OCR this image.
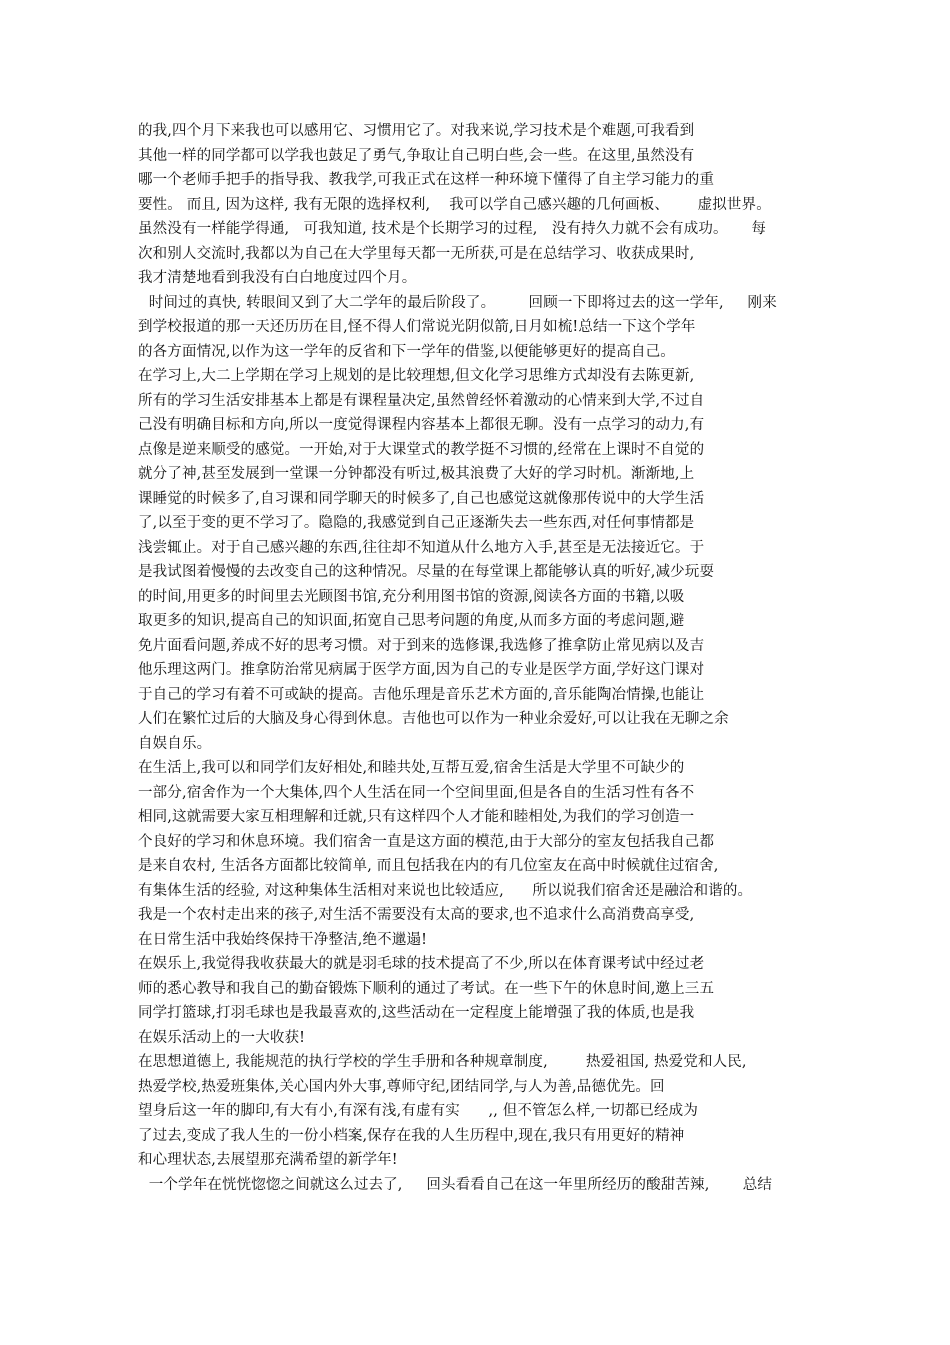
的我,四个月下来我也可以感用它、习惯用它了。对我来说,学习技术是个难题,可我看到
其他一样的同学都可以学我也鼓足了勇气,争取让自己明白些,会一些。在这里,虽然没有
哪一个老师手把手的指导我、教我学,可我正式在这样一种环境下懂得了自主学习能力的重
要性。 而且, 因为这样, 我有无限的选择权利,    我可以学自己感兴趣的几何画板、      虚拟世界。
虽然没有一样能学得通,   可我知道, 技术是个长期学习的过程,   没有持久力就不会有成功。     每
次和别人交流时,我都以为自己在大学里每天都一无所获,可是在总结学习、收获成果时,
我才清楚地看到我没有白白地度过四个月。
时间过的真快, 转眼间又到了大二学年的最后阶段了。       回顾一下即将过去的这一学年,     刚来
到学校报道的那一天还历历在目,怪不得人们常说光阴似箭,日月如梳!总结一下这个学年
的各方面情况,以作为这一学年的反省和下一学年的借鉴,以便能够更好的提高自己。
在学习上,大二上学期在学习上规划的是比较理想,但文化学习思维方式却没有去陈更新,
所有的学习生活安排基本上都是有课程量决定,虽然曾经怀着激动的心情来到大学,不过自
己没有明确目标和方向,所以一度觉得课程内容基本上都很无聊。没有一点学习的动力,有
点像是逆来顺受的感觉。一开始,对于大课堂式的教学挺不习惯的,经常在上课时不自觉的
就分了神,甚至发展到一堂课一分钟都没有听过,极其浪费了大好的学习时机。渐渐地,上
课睡觉的时候多了,自习课和同学聊天的时候多了,自己也感觉这就像那传说中的大学生活
了,以至于变的更不学习了。隐隐的,我感觉到自己正逐渐失去一些东西,对任何事情都是
浅尝辄止。对于自己感兴趣的东西,往往却不知道从什么地方入手,甚至是无法接近它。于
是我试图着慢慢的去改变自己的这种情况。尽量的在每堂课上都能够认真的听好,减少玩耍
的时间,用更多的时间里去光顾图书馆,充分利用图书馆的资源,阅读各方面的书籍,以吸
取更多的知识,提高自己的知识面,拓宽自己思考问题的角度,从而多方面的考虑问题,避
免片面看问题,养成不好的思考习惯。对于到来的选修课,我选修了推拿防止常见病以及吉
他乐理这两门。推拿防治常见病属于医学方面,因为自己的专业是医学方面,学好这门课对
于自己的学习有着不可或缺的提高。吉他乐理是音乐艺术方面的,音乐能陶冶情操,也能让
人们在繁忙过后的大脑及身心得到休息。吉他也可以作为一种业余爱好,可以让我在无聊之余
自娱自乐。
在生活上,我可以和同学们友好相处,和睦共处,互帮互爱,宿舍生活是大学里不可缺少的
一部分,宿舍作为一个大集体,四个人生活在同一个空间里面,但是各自的生活习性有各不
相同,这就需要大家互相理解和迁就,只有这样四个人才能和睦相处,为我们的学习创造一
个良好的学习和休息环境。我们宿舍一直是这方面的模范,由于大部分的室友包括我自己都
是来自农村, 生活各方面都比较简单, 而且包括我在内的有几位室友在高中时候就住过宿舍,
有集体生活的经验, 对这种集体生活相对来说也比较适应,      所以说我们宿舍还是融洽和谐的。
我是一个农村走出来的孩子,对生活不需要没有太高的要求,也不追求什么高消费高享受,
在日常生活中我始终保持干净整洁,绝不邋遢!
在娱乐上,我觉得我收获最大的就是羽毛球的技术提高了不少,所以在体育课考试中经过老
师的悉心教导和我自己的勤奋锻炼下顺利的通过了考试。在一些下午的休息时间,邀上三五
同学打篮球,打羽毛球也是我最喜欢的,这些活动在一定程度上能增强了我的体质,也是我
在娱乐活动上的一大收获!
在思想道德上, 我能规范的执行学校的学生手册和各种规章制度,        热爱祖国, 热爱党和人民,
热爱学校,热爱班集体,关心国内外大事,尊师守纪,团结同学,与人为善,品德优先。回
望身后这一年的脚印,有大有小,有深有浅,有虚有实      ,, 但不管怎么样,一切都已经成为
了过去,变成了我人生的一份小档案,保存在我的人生历程中,现在,我只有用更好的精神
和心理状态,去展望那充满希望的新学年!
一个学年在恍恍惚惚之间就这么过去了,     回头看看自己在这一年里所经历的酸甜苦辣,       总结
